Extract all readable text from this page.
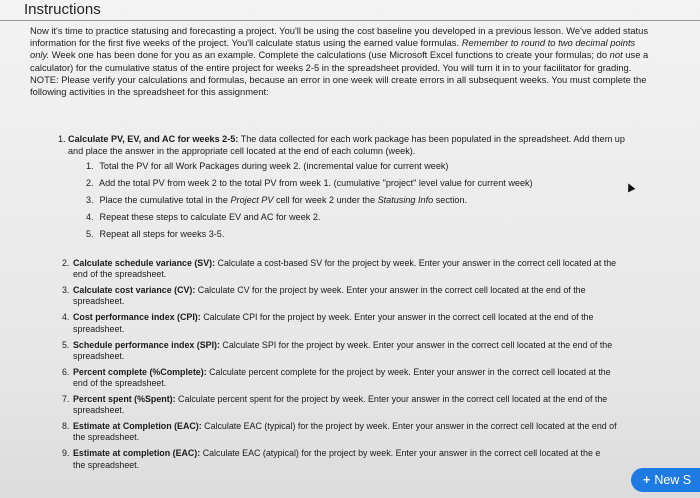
Instructions

Now it's time to practice statusing and forecasting a project. You'll be using the cost baseline you developed in a previous lesson. We've added status
information for the first five weeks of the project. You'll calculate status using the earned value formulas. Remember to round to two decimal points
only. Week one has been done for you as an example. Complete the calculations (use Microsoft Excel functions to create your formulas; do not use a
calculator) for the cumulative status of the entire project for weeks 2-5 in the spreadsheet provided. You will turn it in to your facilitator for grading.
NOTE: Please verify your calculations and formulas, because an error in one week will create errors in all subsequent weeks. You must complete the
following activities in the spreadsheet for this assignment:

1. Calculate PV, EV, and AC for weeks 2-5: The data collected for each work package has been populated in the spreadsheet. Add them up
and place the answer in the appropriate cell located at the end of each column (week).
1. Total the PV for all Work Packages during week 2. (incremental value for current week)
2. Add the total PV from week 2 to the total PV from week 1. (cumulative "project" level value for current week)
3. Place the cumulative total in the Project PV cell for week 2 under the Statusing Info section.
4. Repeat these steps to calculate EV and AC for week 2.
5. Repeat all steps for weeks 3-5.
2. Calculate schedule variance (SV): Calculate a cost-based SV for the project by week. Enter your answer in the correct cell located at the
end of the spreadsheet.
3. Calculate cost variance (CV): Calculate CV for the project by week. Enter your answer in the correct cell located at the end of the
spreadsheet.
4. Cost performance index (CPI): Calculate CPI for the project by week. Enter your answer in the correct cell located at the end of the
spreadsheet.
5. Schedule performance index (SPI): Calculate SPI for the project by week. Enter your answer in the correct cell located at the end of the
spreadsheet.
6. Percent complete (%Complete): Calculate percent complete for the project by week. Enter your answer in the correct cell located at the
end of the spreadsheet.
7. Percent spent (%Spent): Calculate percent spent for the project by week. Enter your answer in the correct cell located at the end of the
spreadsheet.
8. Estimate at Completion (EAC): Calculate EAC (typical) for the project by week. Enter your answer in the correct cell located at the end of
the spreadsheet.
9. Estimate at completion (EAC): Calculate EAC (atypical) for the project by week. Enter your answer in the correct cell located at the e
the spreadsheet.
+ New S
